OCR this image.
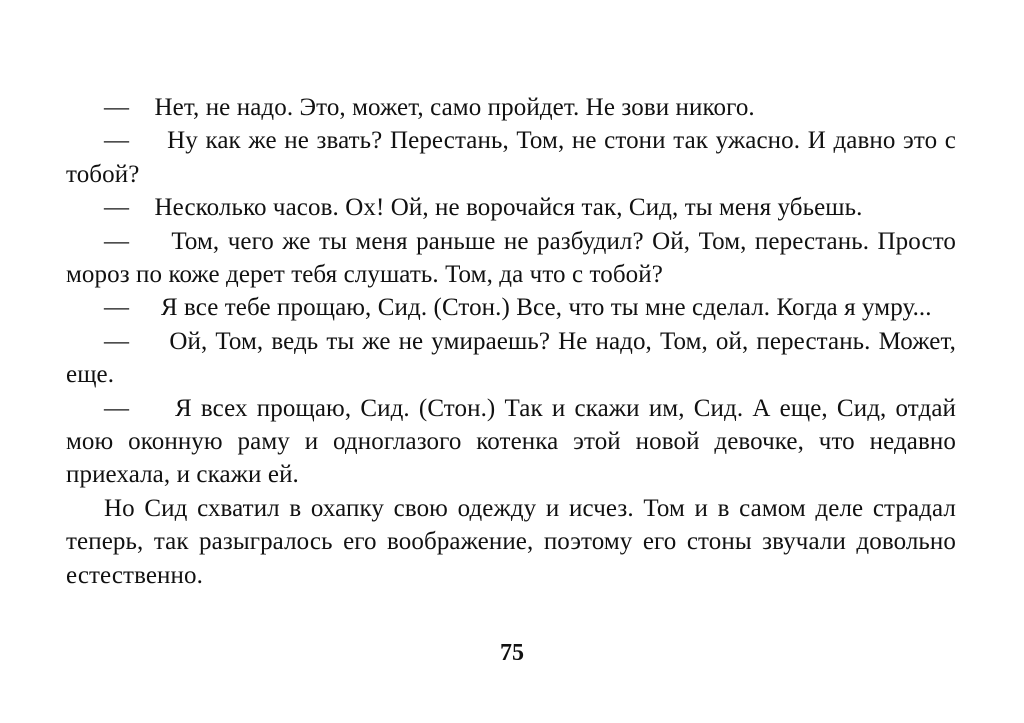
—    Нет, не надо. Это, может, само пройдет. Не зови никого.

—     Ну как же не звать? Перестань, Том, не стони так ужасно. И давно это с тобой?

—    Несколько часов. Ох! Ой, не ворочайся так, Сид, ты меня убьешь.

—     Том, чего же ты меня раньше не разбудил? Ой, Том, перестань. Просто мороз по коже дерет тебя слушать. Том, да что с тобой?

—     Я все тебе прощаю, Сид. (Стон.) Все, что ты мне сделал. Когда я умру...

—     Ой, Том, ведь ты же не умираешь? Не надо, Том, ой, перестань. Может, еще.

—     Я всех прощаю, Сид. (Стон.) Так и скажи им, Сид. А еще, Сид, отдай мою оконную раму и одноглазого котенка этой новой девочке, что недавно приехала, и скажи ей.

Но Сид схватил в охапку свою одежду и исчез. Том и в самом деле страдал теперь, так разыгралось его воображение, поэтому его стоны звучали довольно естественно.

75
